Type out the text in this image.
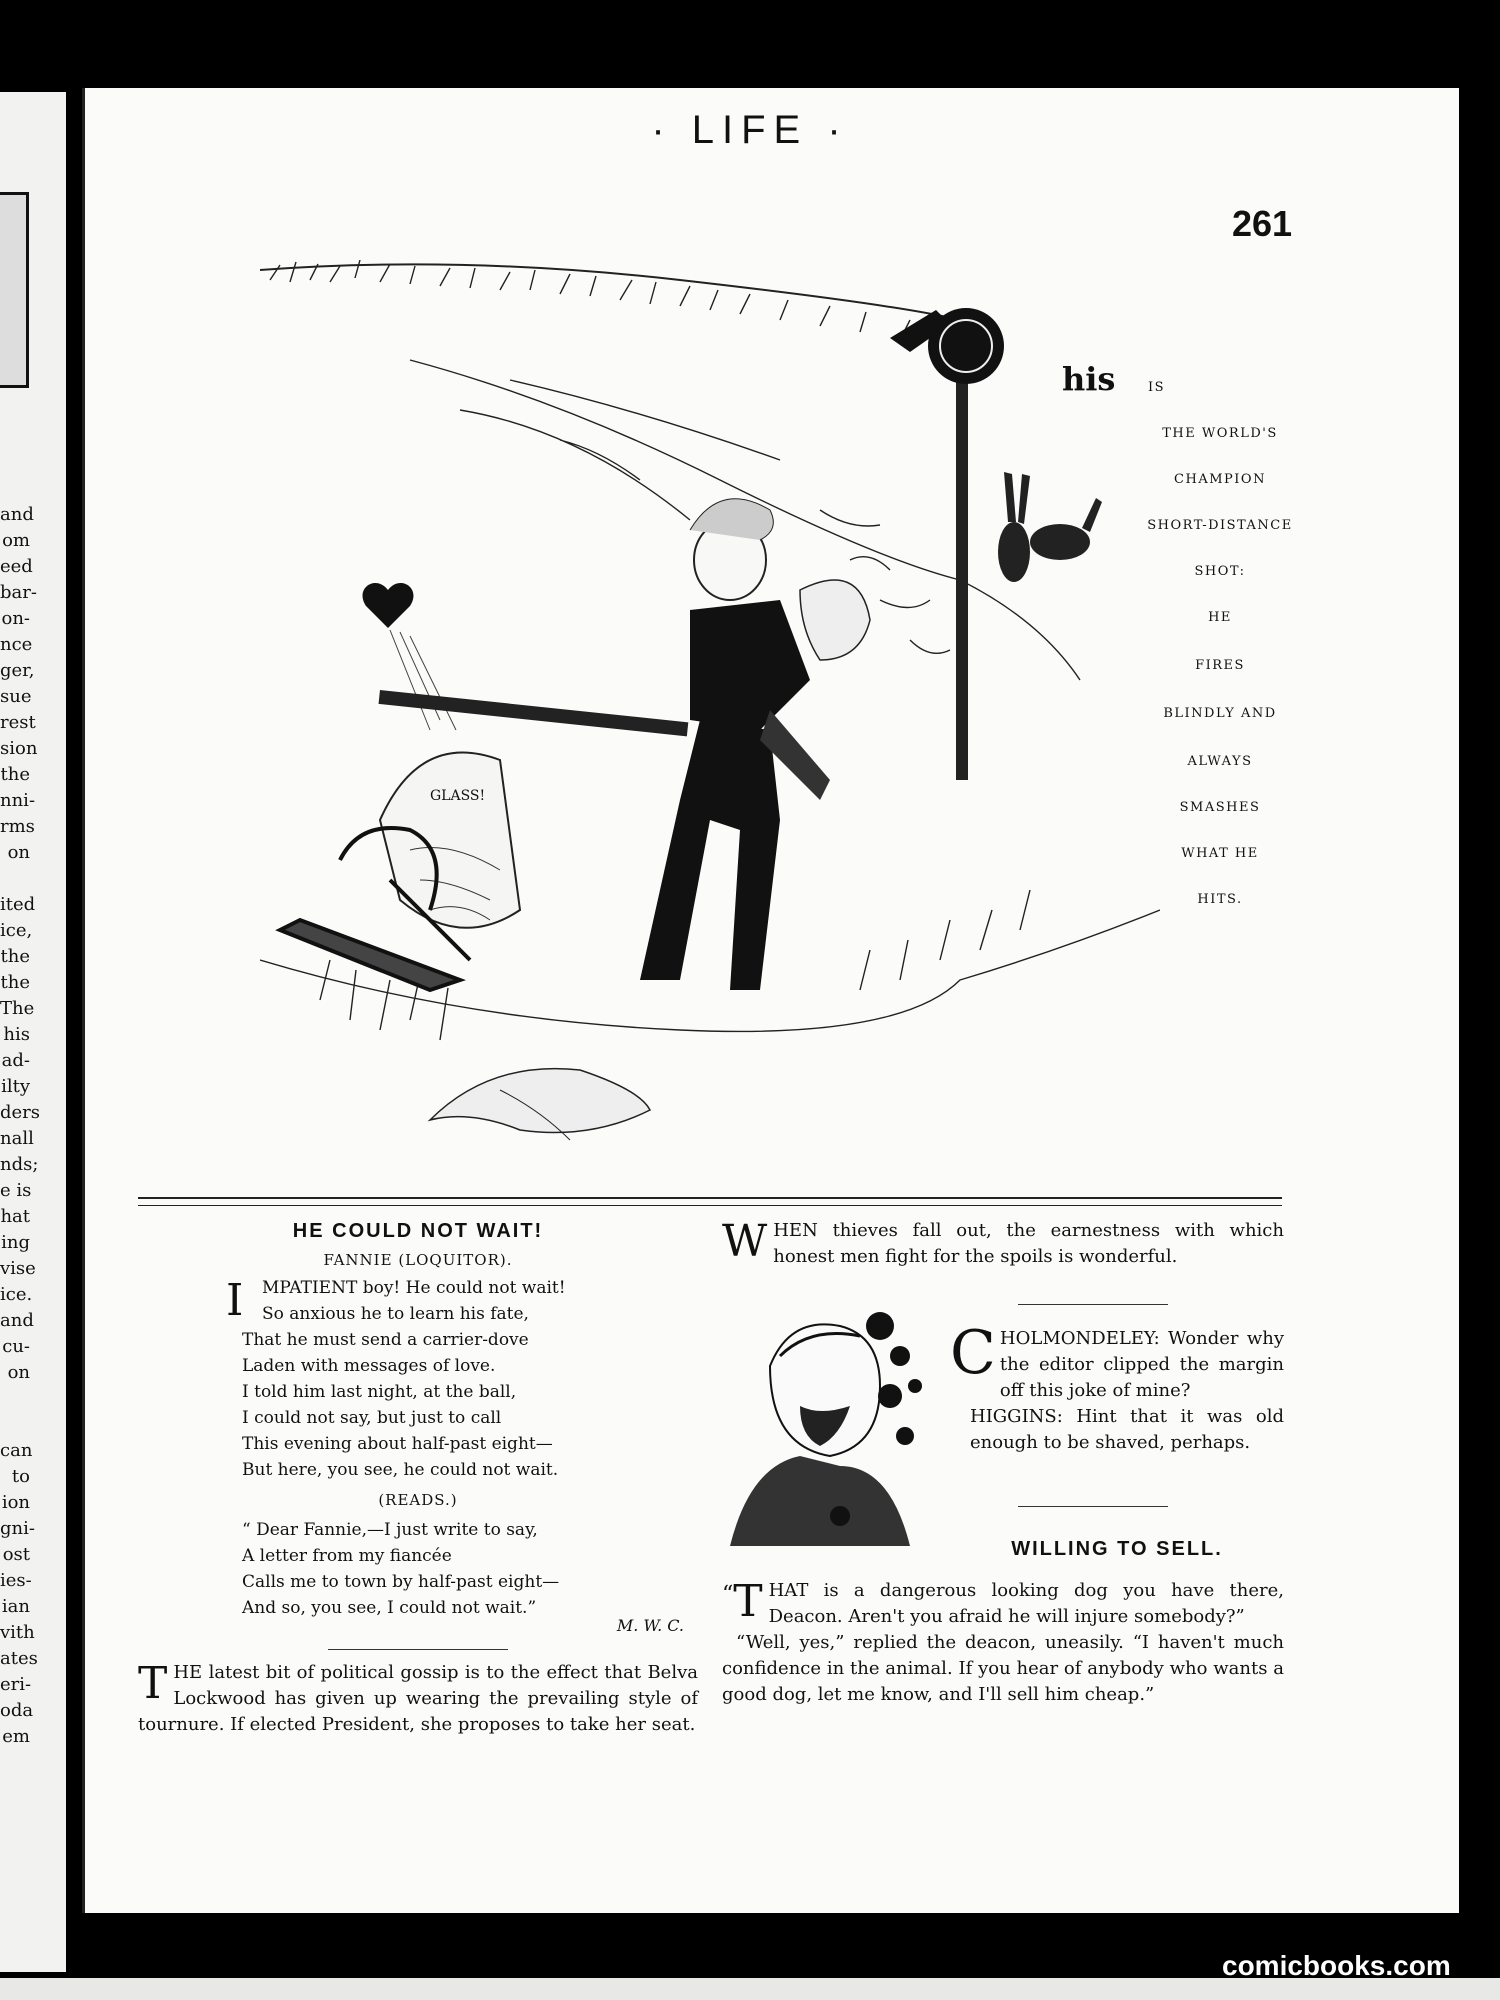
and
om
eed
bar-
on-
nce
ger,
sue
rest
sion
the
nni-
rms
on
ited
ice,
the
the
The
his
ad-
ilty
ders
nall
nds;
e is
hat
ing
vise
ice.
and
cu-
on
can
to
ion
gni-
ost
ies-
ian
vith
ates
eri-
oda
em
· LIFE ·
261
GLASS!
his	IS
THE WORLD'S
CHAMPION
SHORT-DISTANCE
SHOT:
HE
FIRES
BLINDLY AND
ALWAYS
SMASHES
WHAT HE
HITS.
HE COULD NOT WAIT!
FANNIE (LOQUITOR).
I	MPATIENT boy! He could not wait!
So anxious he to learn his fate,
That he must send a carrier-dove
Laden with messages of love.
I told him last night, at the ball,
I could not say, but just to call
This evening about half-past eight—
But here, you see, he could not wait.
(READS.)
“ Dear Fannie,—I just write to say,
A letter from my fiancée
Calls me to town by half-past eight—
And so, you see, I could not wait.”
M. W. C.
THE latest bit of political gossip is to the effect that Belva Lockwood has given up wearing the prevailing style of tournure. If elected President, she proposes to take her seat.
WHEN thieves fall out, the earnestness with which honest men fight for the spoils is wonderful.
CHOLMONDELEY: Wonder why the editor clipped the margin off this joke of mine?
HIGGINS: Hint that it was old enough to be shaved, perhaps.
WILLING TO SELL.
“ T HAT is a dangerous looking dog you have there, Deacon. Aren't you afraid he will injure somebody?”
“Well, yes,” replied the deacon, uneasily. “I haven't much confidence in the animal. If you hear of anybody who wants a good dog, let me know, and I'll sell him cheap.”
comicbooks.com
